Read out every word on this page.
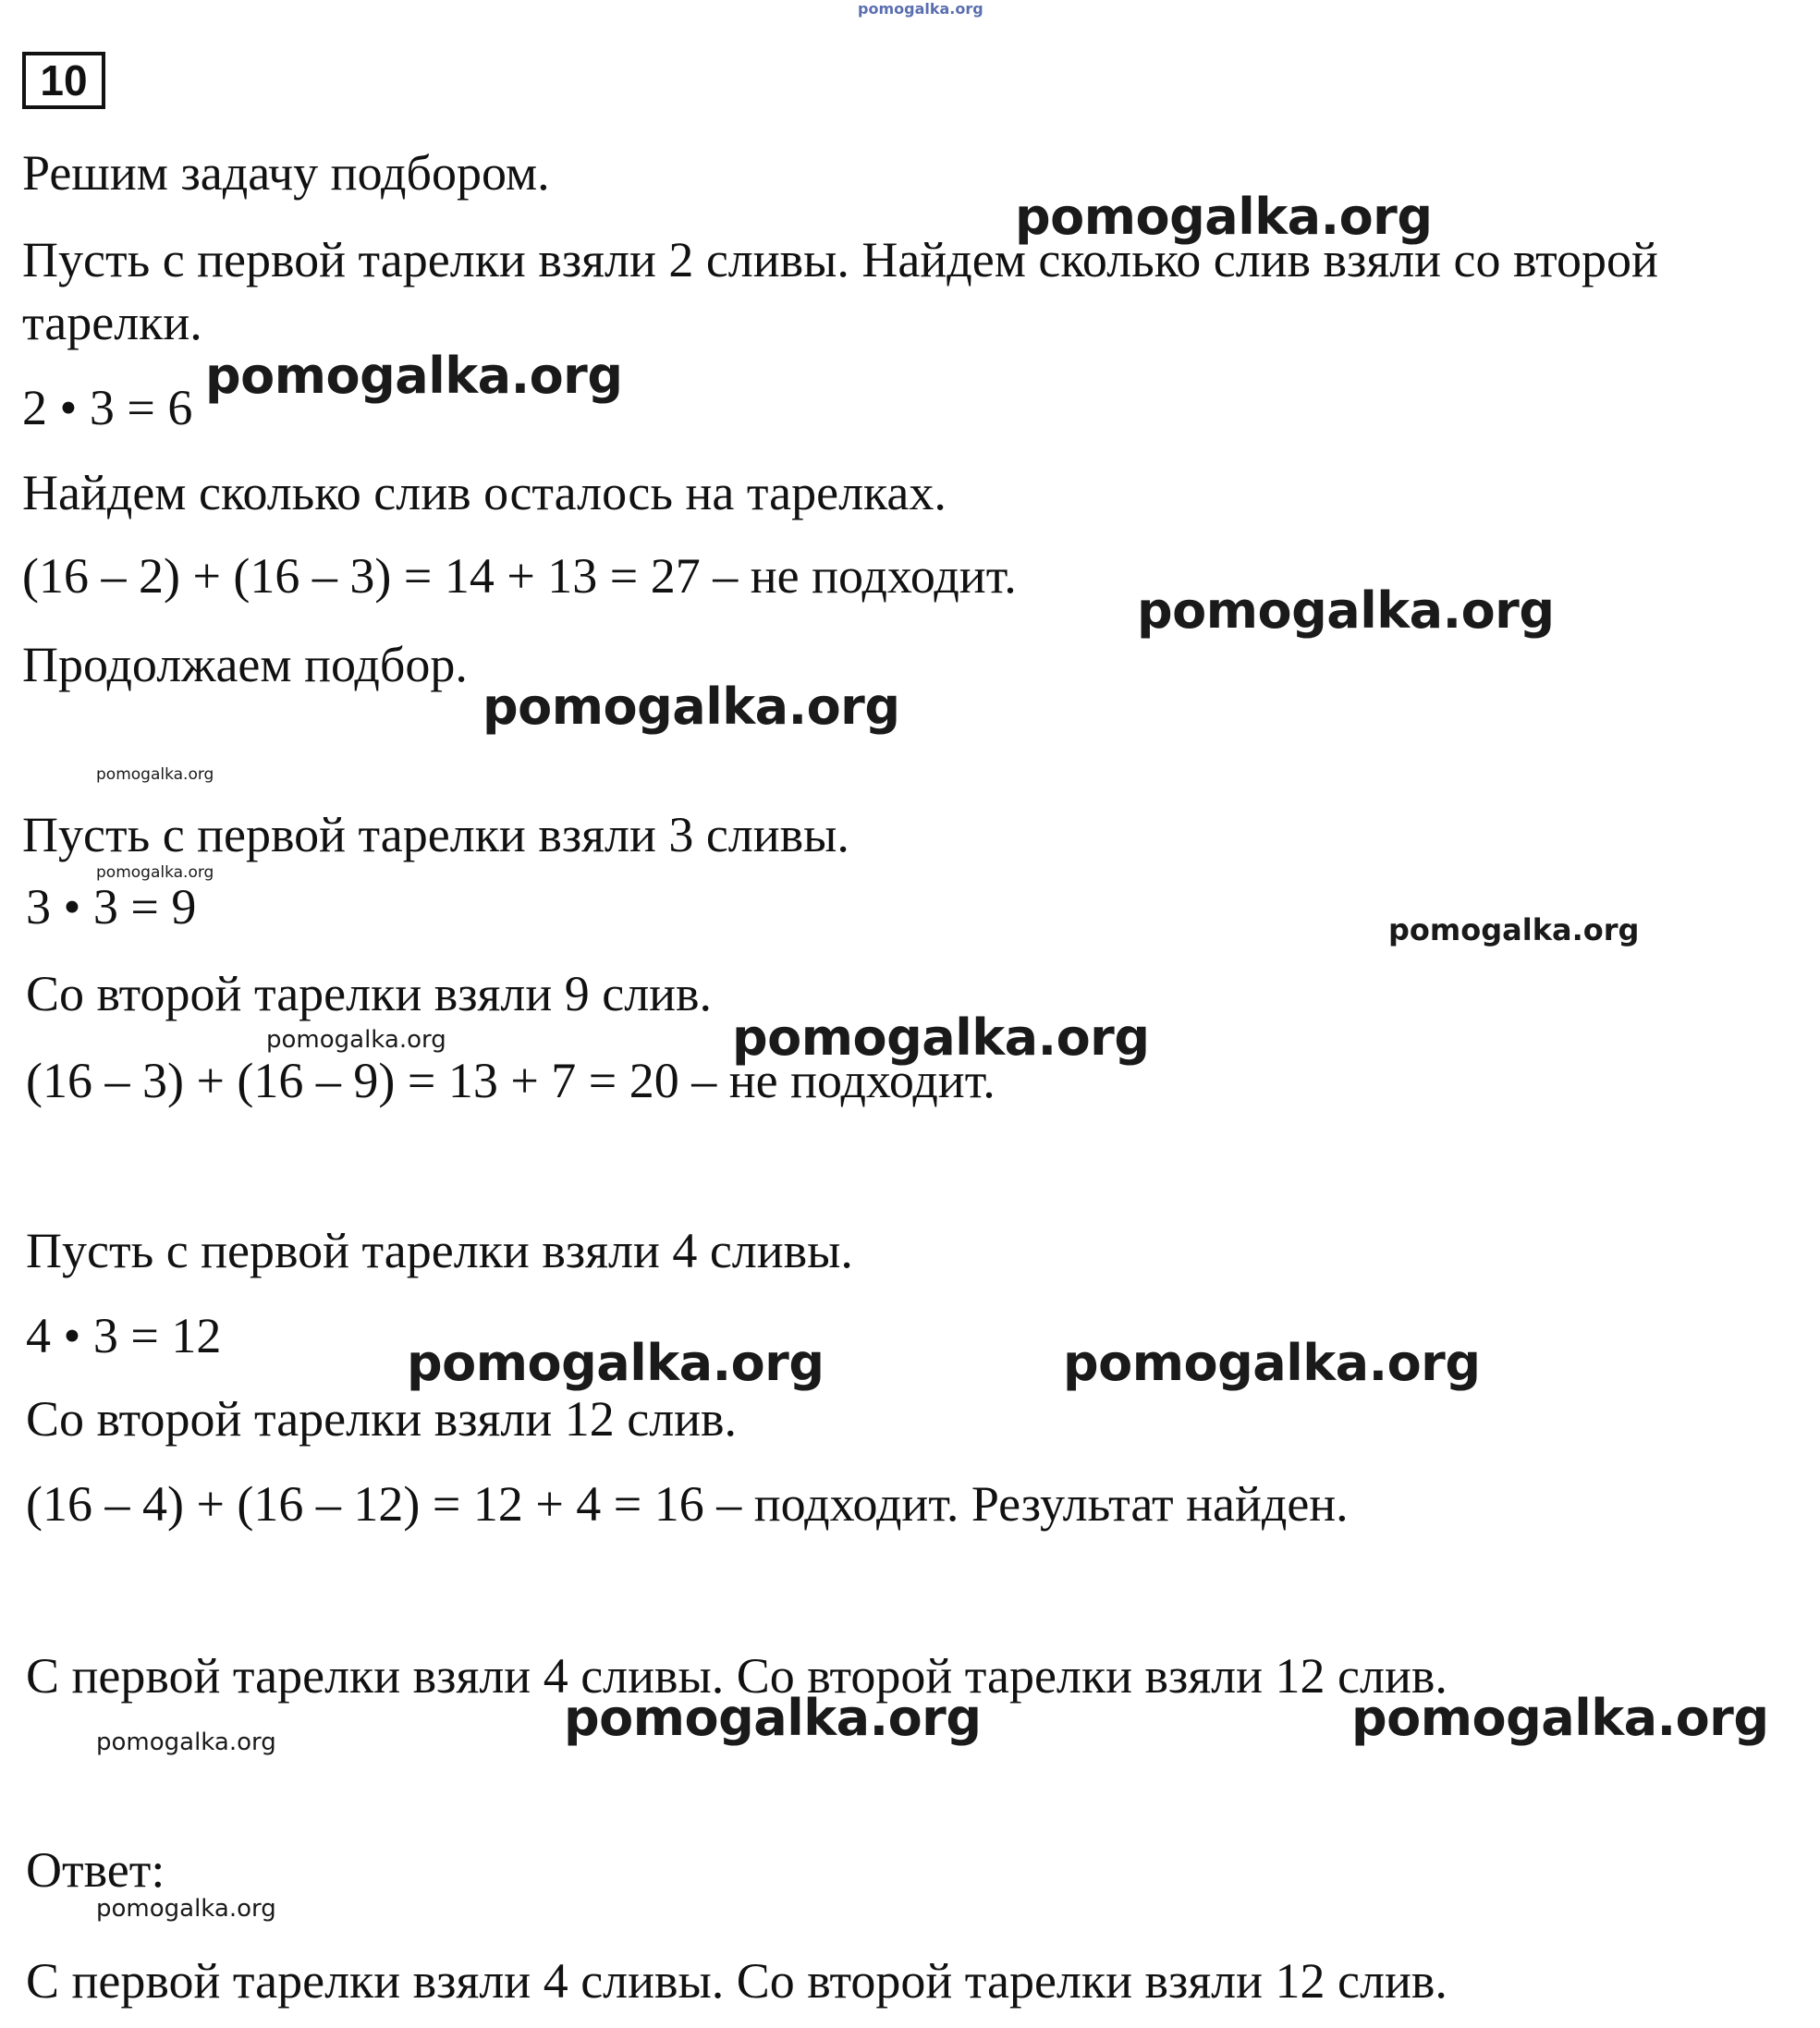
10
Решим задачу подбором.
Пусть с первой тарелки взяли 2 сливы. Найдем сколько слив взяли со второй
тарелки.
2 • 3 = 6
Найдем сколько слив осталось на тарелках.
(16 – 2) + (16 – 3) = 14 + 13 = 27 – не подходит.
Продолжаем подбор.
Пусть с первой тарелки взяли 3 сливы.
3 • 3 = 9
Со второй тарелки взяли 9 слив.
(16 – 3) + (16 – 9) = 13 + 7 = 20 – не подходит.
Пусть с первой тарелки взяли 4 сливы.
4 • 3 = 12
Со второй тарелки взяли 12 слив.
(16 – 4) + (16 – 12) = 12 + 4 = 16 – подходит. Результат найден.
С первой тарелки взяли 4 сливы. Со второй тарелки взяли 12 слив.
Ответ:
С первой тарелки взяли 4 сливы. Со второй тарелки взяли 12 слив.
pomogalka.org
pomogalka.org
pomogalka.org
pomogalka.org
pomogalka.org
pomogalka.org
pomogalka.org
pomogalka.org
pomogalka.org	pomogalka.org
pomogalka.org	pomogalka.org
pomogalka.org	pomogalka.org	pomogalka.org
pomogalka.org
